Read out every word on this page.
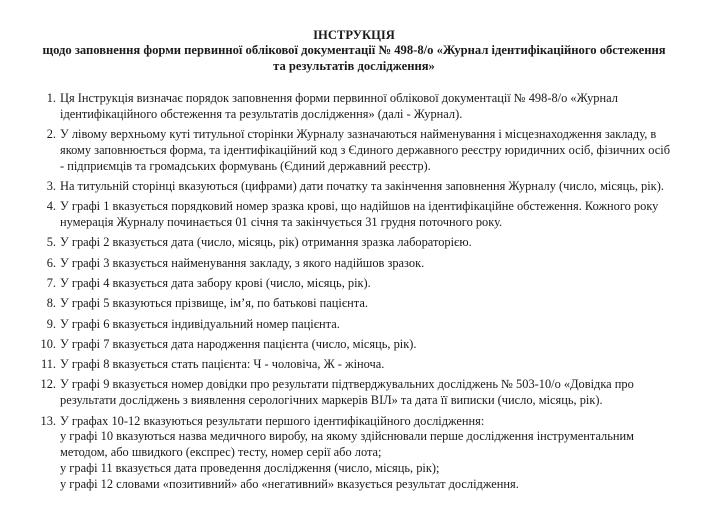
ІНСТРУКЦІЯ
щодо заповнення форми первинної облікової документації № 498-8/о «Журнал ідентифікаційного обстеження та результатів дослідження»
1. Ця Інструкція визначає порядок заповнення форми первинної облікової документації № 498-8/о «Журнал ідентифікаційного обстеження та результатів дослідження» (далі - Журнал).
2. У лівому верхньому куті титульної сторінки Журналу зазначаються найменування і місцезнаходження закладу, в якому заповнюється форма, та ідентифікаційний код з Єдиного державного реєстру юридичних осіб, фізичних осіб - підприємців та громадських формувань (Єдиний державний реєстр).
3. На титульній сторінці вказуються (цифрами) дати початку та закінчення заповнення Журналу (число, місяць, рік).
4. У графі 1 вказується порядковий номер зразка крові, що надійшов на ідентифікаційне обстеження. Кожного року нумерація Журналу починається 01 січня та закінчується 31 грудня поточного року.
5. У графі 2 вказується дата (число, місяць, рік) отримання зразка лабораторією.
6. У графі 3 вказується найменування закладу, з якого надійшов зразок.
7. У графі 4 вказується дата забору крові (число, місяць, рік).
8. У графі 5 вказуються прізвище, ім’я, по батькові пацієнта.
9. У графі 6 вказується індивідуальний номер пацієнта.
10. У графі 7 вказується дата народження пацієнта (число, місяць, рік).
11. У графі 8 вказується стать пацієнта: Ч - чоловіча, Ж - жіноча.
12. У графі 9 вказується номер довідки про результати підтверджувальних досліджень № 503-10/о «Довідка про результати досліджень з виявлення серологічних маркерів ВІЛ» та дата її виписки (число, місяць, рік).
13. У графах 10-12 вказуються результати першого ідентифікаційного дослідження:
у графі 10 вказуються назва медичного виробу, на якому здійснювали перше дослідження інструментальним методом, або швидкого (експрес) тесту, номер серії або лота;
у графі 11 вказується дата проведення дослідження (число, місяць, рік);
у графі 12 словами «позитивний» або «негативний» вказується результат дослідження.
